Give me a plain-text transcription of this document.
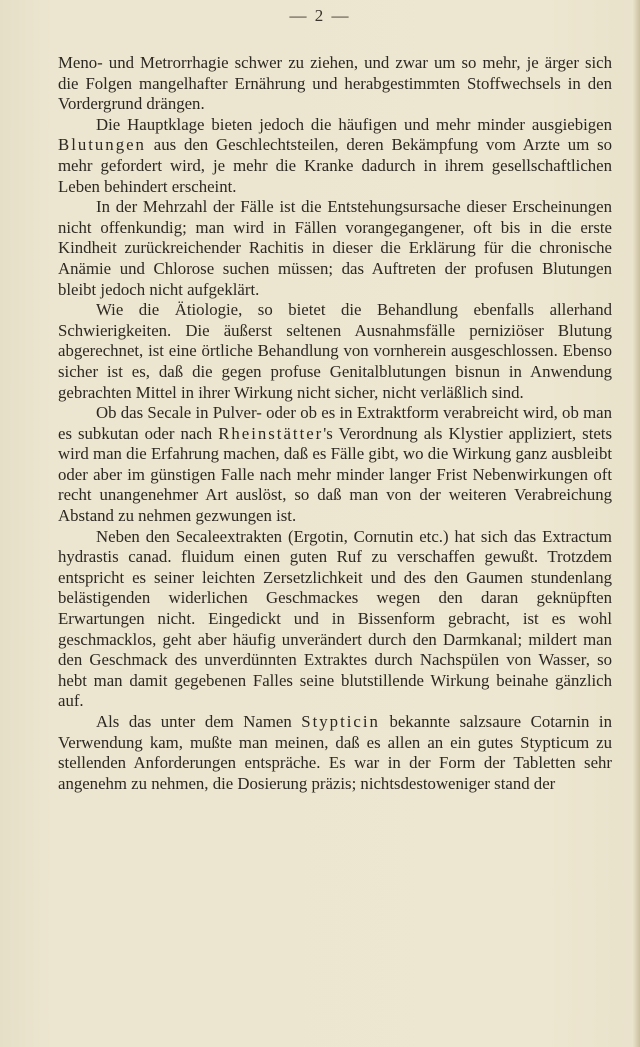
— 2 —

Meno- und Metrorrhagie schwer zu ziehen, und zwar um so mehr, je ärger sich die Folgen mangelhafter Ernährung und herabgestimmten Stoffwechsels in den Vordergrund drängen.

Die Hauptklage bieten jedoch die häufigen und mehr minder ausgiebigen Blutungen aus den Geschlechtsteilen, deren Bekämpfung vom Arzte um so mehr gefordert wird, je mehr die Kranke dadurch in ihrem gesellschaftlichen Leben behindert erscheint.

In der Mehrzahl der Fälle ist die Entstehungsursache dieser Erscheinungen nicht offenkundig; man wird in Fällen vorangegangener, oft bis in die erste Kindheit zurückreichender Rachitis in dieser die Erklärung für die chronische Anämie und Chlorose suchen müssen; das Auftreten der profusen Blutungen bleibt jedoch nicht aufgeklärt.

Wie die Ätiologie, so bietet die Behandlung ebenfalls allerhand Schwierigkeiten. Die äußerst seltenen Ausnahmsfälle perniziöser Blutung abgerechnet, ist eine örtliche Behandlung von vornherein ausgeschlossen. Ebenso sicher ist es, daß die gegen profuse Genitalblutungen bisnun in Anwendung gebrachten Mittel in ihrer Wirkung nicht sicher, nicht verläßlich sind.

Ob das Secale in Pulver- oder ob es in Extraktform verabreicht wird, ob man es subkutan oder nach Rheinstätter's Verordnung als Klystier appliziert, stets wird man die Erfahrung machen, daß es Fälle gibt, wo die Wirkung ganz ausbleibt oder aber im günstigen Falle nach mehr minder langer Frist Nebenwirkungen oft recht unangenehmer Art auslöst, so daß man von der weiteren Verabreichung Abstand zu nehmen gezwungen ist.

Neben den Secaleextrakten (Ergotin, Cornutin etc.) hat sich das Extractum hydrastis canad. fluidum einen guten Ruf zu verschaffen gewußt. Trotzdem entspricht es seiner leichten Zersetzlichkeit und des den Gaumen stundenlang belästigenden widerlichen Geschmackes wegen den daran geknüpften Erwartungen nicht. Eingedickt und in Bissenform gebracht, ist es wohl geschmacklos, geht aber häufig unverändert durch den Darmkanal; mildert man den Geschmack des unverdünnten Extraktes durch Nachspülen von Wasser, so hebt man damit gegebenen Falles seine blutstillende Wirkung beinahe gänzlich auf.

Als das unter dem Namen Stypticin bekannte salzsaure Cotarnin in Verwendung kam, mußte man meinen, daß es allen an ein gutes Stypticum zu stellenden Anforderungen entspräche. Es war in der Form der Tabletten sehr angenehm zu nehmen, die Dosierung präzis; nichtsdestoweniger stand der
